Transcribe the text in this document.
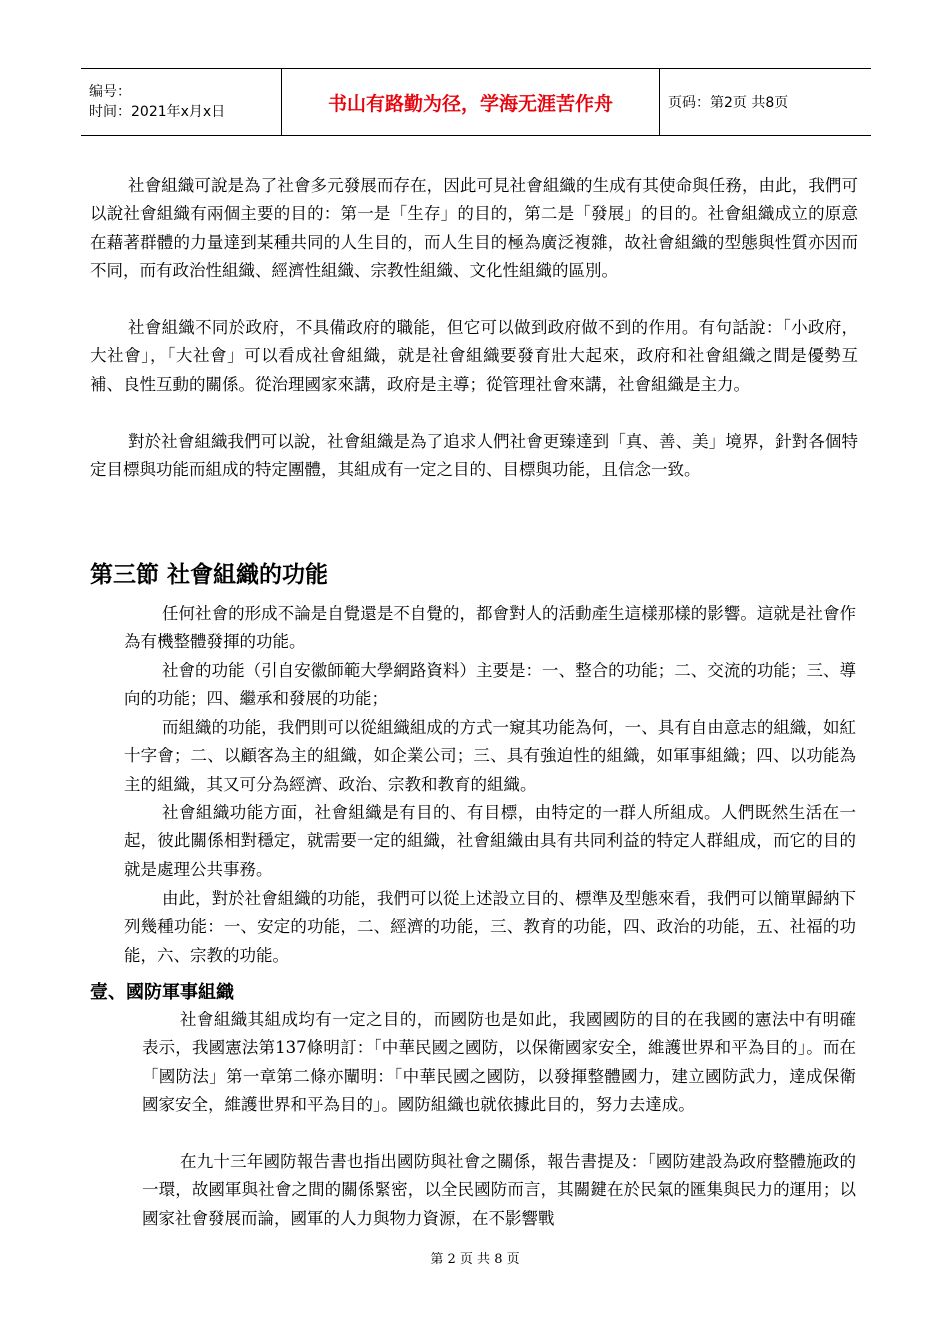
编号：
时间：2021年x月x日	书山有路勤为径，学海无涯苦作舟	页码：第2页 共8页

社會組織可說是為了社會多元發展而存在，因此可見社會組織的生成有其使命與任務，由此，我們可以說社會組織有兩個主要的目的：第一是「生存」的目的，第二是「發展」的目的。社會組織成立的原意在藉著群體的力量達到某種共同的人生目的，而人生目的極為廣泛複雜，故社會組織的型態與性質亦因而不同，而有政治性組織、經濟性組織、宗教性組織、文化性組織的區別。

社會組織不同於政府，不具備政府的職能，但它可以做到政府做不到的作用。有句話說：「小政府，大社會」，「大社會」可以看成社會組織，就是社會組織要發育壯大起來，政府和社會組織之間是優勢互補、良性互動的關係。從治理國家來講，政府是主導；從管理社會來講，社會組織是主力。

對於社會組織我們可以說，社會組織是為了追求人們社會更臻達到「真、善、美」境界，針對各個特定目標與功能而組成的特定團體，其組成有一定之目的、目標與功能，且信念一致。

第三節 社會組織的功能

任何社會的形成不論是自覺還是不自覺的，都會對人的活動產生這樣那樣的影響。這就是社會作為有機整體發揮的功能。

社會的功能（引自安徽師範大學網路資料）主要是：一、整合的功能；二、交流的功能；三、導向的功能；四、繼承和發展的功能；

而組織的功能，我們則可以從組織組成的方式一窺其功能為何，一、具有自由意志的組織，如紅十字會；二、以顧客為主的組織，如企業公司；三、具有強迫性的組織，如軍事組織；四、以功能為主的組織，其又可分為經濟、政治、宗教和教育的組織。

社會組織功能方面，社會組織是有目的、有目標，由特定的一群人所組成。人們既然生活在一起，彼此關係相對穩定，就需要一定的組織，社會組織由具有共同利益的特定人群組成，而它的目的就是處理公共事務。

由此，對於社會組織的功能，我們可以從上述設立目的、標準及型態來看，我們可以簡單歸納下列幾種功能：一、安定的功能，二、經濟的功能，三、教育的功能，四、政治的功能，五、社福的功能，六、宗教的功能。

壹、國防軍事組織

社會組織其組成均有一定之目的，而國防也是如此，我國國防的目的在我國的憲法中有明確表示，我國憲法第137條明訂：「中華民國之國防，以保衛國家安全，維護世界和平為目的」。而在「國防法」第一章第二條亦闡明：「中華民國之國防，以發揮整體國力，建立國防武力，達成保衛國家安全，維護世界和平為目的」。國防組織也就依據此目的，努力去達成。

在九十三年國防報告書也指出國防與社會之關係，報告書提及：「國防建設為政府整體施政的一環，故國軍與社會之間的關係緊密，以全民國防而言，其關鍵在於民氣的匯集與民力的運用；以國家社會發展而論，國軍的人力與物力資源，在不影響戰

第 2 页 共 8 页
